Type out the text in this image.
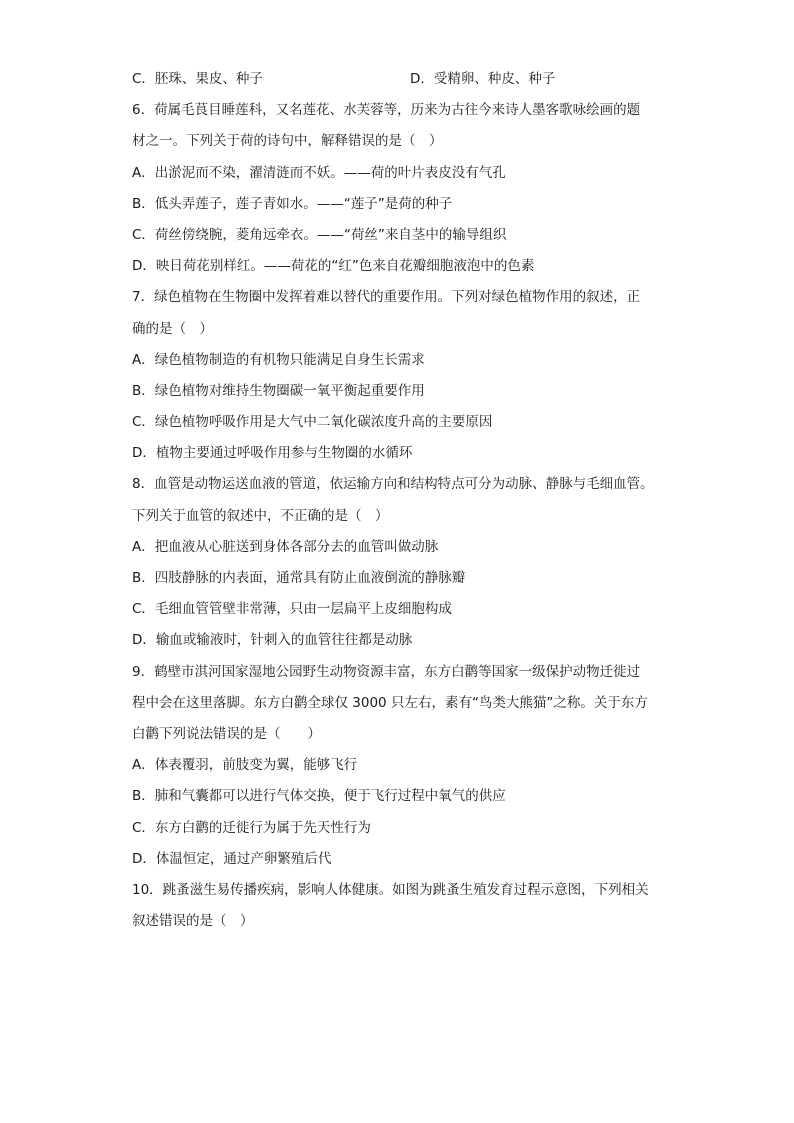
C．胚珠、果皮、种子	D．受精卵、种皮、种子
6．荷属毛茛目睡莲科，又名莲花、水芙蓉等，历来为古往今来诗人墨客歌咏绘画的题
材之一。下列关于荷的诗句中，解释错误的是（　）
A．出淤泥而不染，濯清涟而不妖。——荷的叶片表皮没有气孔
B．低头弄莲子，莲子青如水。——“莲子”是荷的种子
C．荷丝傍绕腕，菱角远牵衣。——“荷丝”来自茎中的输导组织
D．映日荷花别样红。——荷花的“红”色来自花瓣细胞液泡中的色素
7．绿色植物在生物圈中发挥着难以替代的重要作用。下列对绿色植物作用的叙述，正
确的是（　）
A．绿色植物制造的有机物只能满足自身生长需求
B．绿色植物对维持生物圈碳一氧平衡起重要作用
C．绿色植物呼吸作用是大气中二氧化碳浓度升高的主要原因
D．植物主要通过呼吸作用参与生物圈的水循环
8．血管是动物运送血液的管道，依运输方向和结构特点可分为动脉、静脉与毛细血管。
下列关于血管的叙述中，不正确的是（　）
A．把血液从心脏送到身体各部分去的血管叫做动脉
B．四肢静脉的内表面，通常具有防止血液倒流的静脉瓣
C．毛细血管管壁非常薄，只由一层扁平上皮细胞构成
D．输血或输液时，针刺入的血管往往都是动脉
9．鹤壁市淇河国家湿地公园野生动物资源丰富，东方白鹳等国家一级保护动物迁徙过
程中会在这里落脚。东方白鹳全球仅 3000 只左右，素有“鸟类大熊猫”之称。关于东方
白鹳下列说法错误的是（　　）
A．体表覆羽，前肢变为翼，能够飞行
B．肺和气囊都可以进行气体交换，便于飞行过程中氧气的供应
C．东方白鹳的迁徙行为属于先天性行为
D．体温恒定，通过产卵繁殖后代
10．跳蚤滋生易传播疾病，影响人体健康。如图为跳蚤生殖发育过程示意图，下列相关
叙述错误的是（　）
